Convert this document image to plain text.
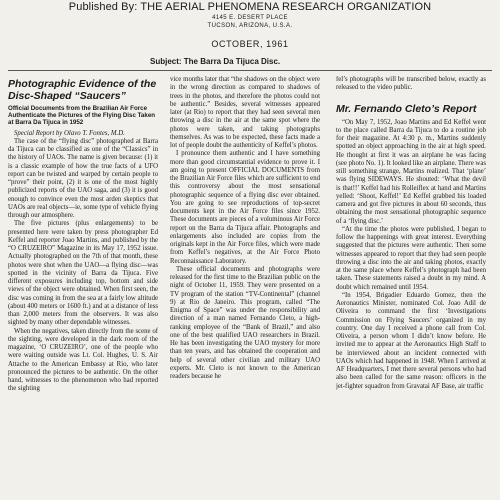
Published By: THE AERIAL PHENOMENA RESEARCH ORGANIZATION
4145 E. DESERT PLACE
TUCSON, ARIZONA, U.S.A.
OCTOBER, 1961
Subject: The Barra Da Tijuca Disc.
Photographic Evidence of the Disc-Shaped “Saucers”
Official Documents from the Brazilian Air Force Authenticate the Pictures of the Flying Disc Taken at Barra Da Tijuca in 1952

Special Report by Olavo T. Fontes, M.D.

The case of the “flying disc” photographed at Barra da Tijuca can be classified as one of the “Classics” in the history of UAOs. The name is given because: (1) it is a classic example of how the true facts of a UFO report can be twisted and warped by certain people to “prove” their point, (2) it is one of the most highly publicized reports of the UAO saga, and (3) it is good enough to convince even the most arden skeptics that UAOs are real objects—ie, some type of vehicle flying through our atmosphere.

The five pictures (plus enlargements) to be presented here were taken by press photographer Ed Keffel and reporter Joao Martins, and published by the “O CRUZEIRO” Magazine in its May 17, 1952 issue. Actually photographed on the 7th of that month, these photos were shot when the UAO—a flying disc—was spotted in the vicinity of Barra da Tijuca. Five different exposures including top, bottom and side views of the object were obtained. When first seen, the disc was coming in from the sea at a fairly low altitude (about 400 meters or 1600 ft.) and at a distance of less than 2,000 meters from the observers. It was also sighted by many other dependable witnesses.

When the negatives, taken directly from the scene of the sighting, were developed in the dark room of the magazine, ‘O CRUZEIRO’, one of the people who were waiting outside was Lt. Col. Hughes, U. S. Air Attache to the American Embassy at Rio, who later pronounced the pictures to be authentic. On the other hand, witnesses to the phenomenon who had reported the sighting

vice months later that “the shadows on the object were in the wrong direction as compared to shadows of trees in the photos, and therefore the photos could not be authentic.” Besides, several witnesses appeared later (at Rio) to report that they had seen several men throwing a disc in the air at the same spot where the photos were taken, and taking photographs themselves. As was to be expected, these facts made a lot of people doubt the authenticity of Keffel’s photos.

I pronounce them authentic and I have something more than good circumstantial evidence to prove it. I am going to present OFFICIAL DOCUMENTS from the Brazilian Air Force files which are sufficient to end this controversy about the most sensational photographic sequence of a flying disc ever obtained. You are going to see reproductions of top-secret documents kept in the Air Force files since 1952. These documents are pieces of a voluminous Air Force report on the Barra da Tijuca affair. Photographs and enlargements also included are copies from the originals kept in the Air Force files, which were made from Keffel’s negatives, at the Air Force Photo Reconnaissance Laboratory.

These official documents and photographs were released for the first time to the Brazilian public on the night of October 11, 1959. They were presented on a TV program of the station “TV-Continental” (channel 9) at Rio de Janeiro. This program, called “The Enigma of Space” was under the responsibility and direction of a man named Fernando Cleto, a high-ranking employee of the “Bank of Brazil,” and also one of the best qualified UAO researchers in Brazil. He has been investigating the UAO mystery for more than ten years, and has obtained the cooperation and help of several other civilian and military UAO experts. Mr. Cleto is not known to the American readers because he

fel’s photographs will be transcribed below, exactly as released to the video public.

Mr. Fernando Cleto’s Report

“On May 7, 1952, Joao Martins and Ed Keffel went to the place called Barra da Tijuca to do a routine job for their magazine. At 4:30 p. m., Martins suddenly spotted an object approaching in the air at high speed. He thought at first it was an airplane he was facing (see photo No. 1). It looked like an airplane. There was still something strange, Martins realized. That ‘plane’ was flying SIDEWAYS. He shouted: ‘What the devil is that!!’ Keffel had his Rolleiflex at hand and Martins yelled: ‘Shoot, Keffel!’ Ed Keffel grabbed his loaded camera and got five pictures in about 60 seconds, thus obtaining the most sensational photographic sequence of a ‘flying disc.’

“At the time the photos were published, I began to follow the happenings with great interest. Everything suggested that the pictures were authentic. Then some witnesses appeared to report that they had seen people throwing a disc into the air and taking photos, exactly at the same place where Keffel’s photograph had been taken. These statements raised a doubt in my mind. A doubt which remained until 1954.

“In 1954, Brigadier Eduardo Gomez, then the Aeronautics Minister, nominated Col. Joao Adil de Oliveira to command the first ‘Investigations Commission on Flying Saucers’ organized in my country. One day I received a phone call from Col. Oliveira, a person whom I didn’t know before. He invited me to appear at the Aeronautics High Staff to be interviewed about an incident connected with UAOs which had happened in 1948. When I arrived at AF Headquarters, I met there several persons who had also been called for the same reason: officers in the jet-fighter squadron from Gravatai AF Base, air traffic
